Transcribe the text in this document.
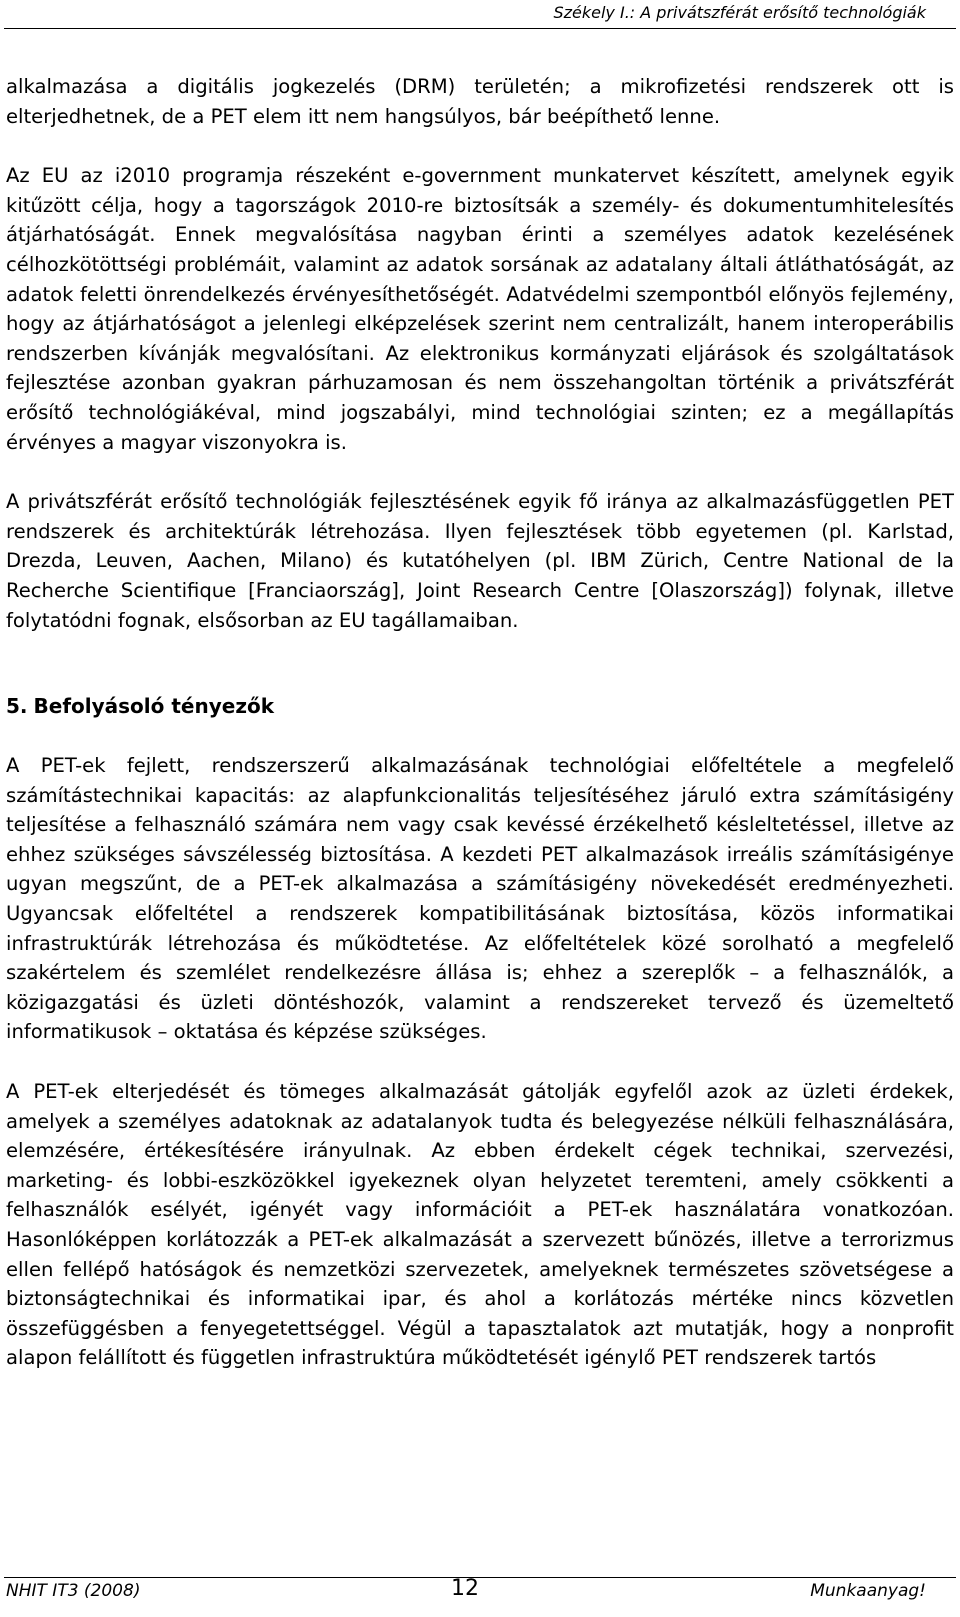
Székely I.: A privátszférát erősítő technológiák

alkalmazása a digitális jogkezelés (DRM) területén; a mikrofizetési rendszerek ott is elterjedhetnek, de a PET elem itt nem hangsúlyos, bár beépíthető lenne.

Az EU az i2010 programja részeként e-government munkatervet készített, amelynek egyik kitűzött célja, hogy a tagországok 2010-re biztosítsák a személy- és dokumentumhitelesítés átjárhatóságát. Ennek megvalósítása nagyban érinti a személyes adatok kezelésének célhozkötöttségi problémáit, valamint az adatok sorsának az adatalany általi átláthatóságát, az adatok feletti önrendelkezés érvényesíthetőségét. Adatvédelmi szempontból előnyös fejlemény, hogy az átjárhatóságot a jelenlegi elképzelések szerint nem centralizált, hanem interoperábilis rendszerben kívánják megvalósítani. Az elektronikus kormányzati eljárások és szolgáltatások fejlesztése azonban gyakran párhuzamosan és nem összehangoltan történik a privátszférát erősítő technológiákéval, mind jogszabályi, mind technológiai szinten; ez a megállapítás érvényes a magyar viszonyokra is.

A privátszférát erősítő technológiák fejlesztésének egyik fő iránya az alkalmazásfüggetlen PET rendszerek és architektúrák létrehozása. Ilyen fejlesztések több egyetemen (pl. Karlstad, Drezda, Leuven, Aachen, Milano) és kutatóhelyen (pl. IBM Zürich, Centre National de la Recherche Scientifique [Franciaország], Joint Research Centre [Olaszország]) folynak, illetve folytatódni fognak, elsősorban az EU tagállamaiban.

5. Befolyásoló tényezők

A PET-ek fejlett, rendszerszerű alkalmazásának technológiai előfeltétele a megfelelő számítástechnikai kapacitás: az alapfunkcionalitás teljesítéséhez járuló extra számításigény teljesítése a felhasználó számára nem vagy csak kevéssé érzékelhető késleltetéssel, illetve az ehhez szükséges sávszélesség biztosítása. A kezdeti PET alkalmazások irreális számításigénye ugyan megszűnt, de a PET-ek alkalmazása a számításigény növekedését eredményezheti. Ugyancsak előfeltétel a rendszerek kompatibilitásának biztosítása, közös informatikai infrastruktúrák létrehozása és működtetése. Az előfeltételek közé sorolható a megfelelő szakértelem és szemlélet rendelkezésre állása is; ehhez a szereplők – a felhasználók, a közigazgatási és üzleti döntéshozók, valamint a rendszereket tervező és üzemeltető informatikusok – oktatása és képzése szükséges.

A PET-ek elterjedését és tömeges alkalmazását gátolják egyfelől azok az üzleti érdekek, amelyek a személyes adatoknak az adatalanyok tudta és belegyezése nélküli felhasználására, elemzésére, értékesítésére irányulnak. Az ebben érdekelt cégek technikai, szervezési, marketing- és lobbi-eszközökkel igyekeznek olyan helyzetet teremteni, amely csökkenti a felhasználók esélyét, igényét vagy információit a PET-ek használatára vonatkozóan. Hasonlóképpen korlátozzák a PET-ek alkalmazását a szervezett bűnözés, illetve a terrorizmus ellen fellépő hatóságok és nemzetközi szervezetek, amelyeknek természetes szövetségese a biztonságtechnikai és informatikai ipar, és ahol a korlátozás mértéke nincs közvetlen összefüggésben a fenyegetettséggel. Végül a tapasztalatok azt mutatják, hogy a nonprofit alapon felállított és független infrastruktúra működtetését igénylő PET rendszerek tartós

NHIT IT3 (2008)	12	Munkaanyag!
